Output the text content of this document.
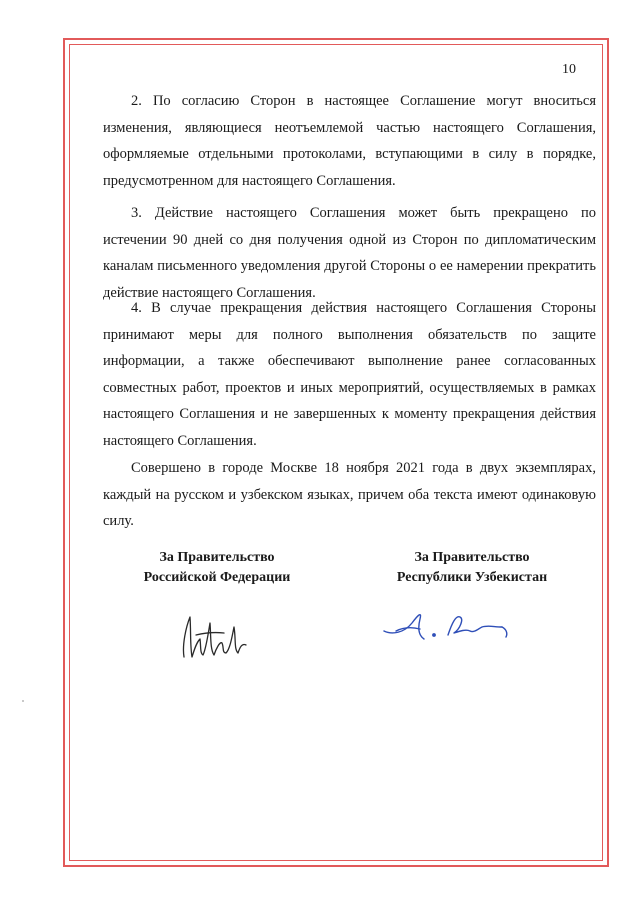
10

2. По согласию Сторон в настоящее Соглашение могут вноситься изменения, являющиеся неотъемлемой частью настоящего Соглашения, оформляемые отдельными протоколами, вступающими в силу в порядке, предусмотренном для настоящего Соглашения.

3. Действие настоящего Соглашения может быть прекращено по истечении 90 дней со дня получения одной из Сторон по дипломатическим каналам письменного уведомления другой Стороны о ее намерении прекратить действие настоящего Соглашения.

4. В случае прекращения действия настоящего Соглашения Стороны принимают меры для полного выполнения обязательств по защите информации, а также обеспечивают выполнение ранее согласованных совместных работ, проектов и иных мероприятий, осуществляемых в рамках настоящего Соглашения и не завершенных к моменту прекращения действия настоящего Соглашения.

Совершено в городе Москве 18 ноября 2021 года в двух экземплярах, каждый на русском и узбекском языках, причем оба текста имеют одинаковую силу.

За Правительство
Российской Федерации
За Правительство
Республики Узбекистан
